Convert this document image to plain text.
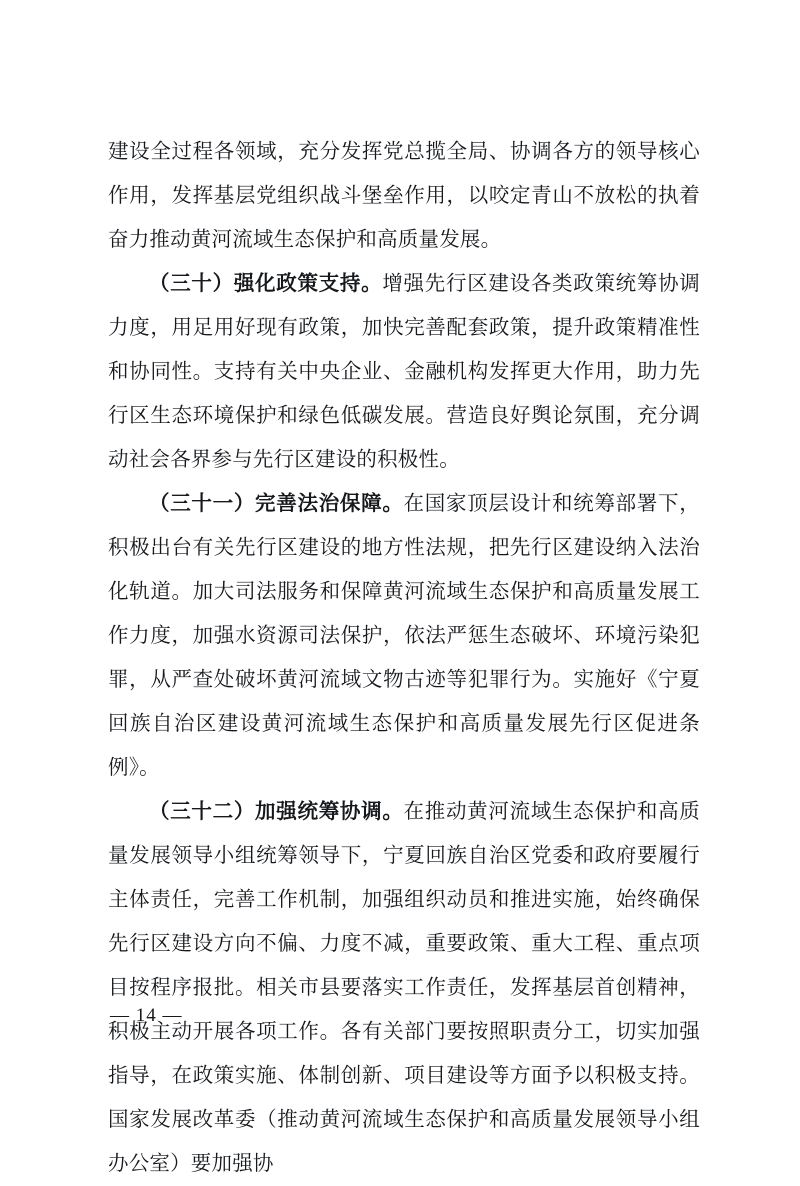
建设全过程各领域，充分发挥党总揽全局、协调各方的领导核心作用，发挥基层党组织战斗堡垒作用，以咬定青山不放松的执着奋力推动黄河流域生态保护和高质量发展。

（三十）强化政策支持。增强先行区建设各类政策统筹协调力度，用足用好现有政策，加快完善配套政策，提升政策精准性和协同性。支持有关中央企业、金融机构发挥更大作用，助力先行区生态环境保护和绿色低碳发展。营造良好舆论氛围，充分调动社会各界参与先行区建设的积极性。

（三十一）完善法治保障。在国家顶层设计和统筹部署下，积极出台有关先行区建设的地方性法规，把先行区建设纳入法治化轨道。加大司法服务和保障黄河流域生态保护和高质量发展工作力度，加强水资源司法保护，依法严惩生态破坏、环境污染犯罪，从严查处破坏黄河流域文物古迹等犯罪行为。实施好《宁夏回族自治区建设黄河流域生态保护和高质量发展先行区促进条例》。

（三十二）加强统筹协调。在推动黄河流域生态保护和高质量发展领导小组统筹领导下，宁夏回族自治区党委和政府要履行主体责任，完善工作机制，加强组织动员和推进实施，始终确保先行区建设方向不偏、力度不减，重要政策、重大工程、重点项目按程序报批。相关市县要落实工作责任，发挥基层首创精神，积极主动开展各项工作。各有关部门要按照职责分工，切实加强指导，在政策实施、体制创新、项目建设等方面予以积极支持。国家发展改革委（推动黄河流域生态保护和高质量发展领导小组办公室）要加强协

— 14 —
